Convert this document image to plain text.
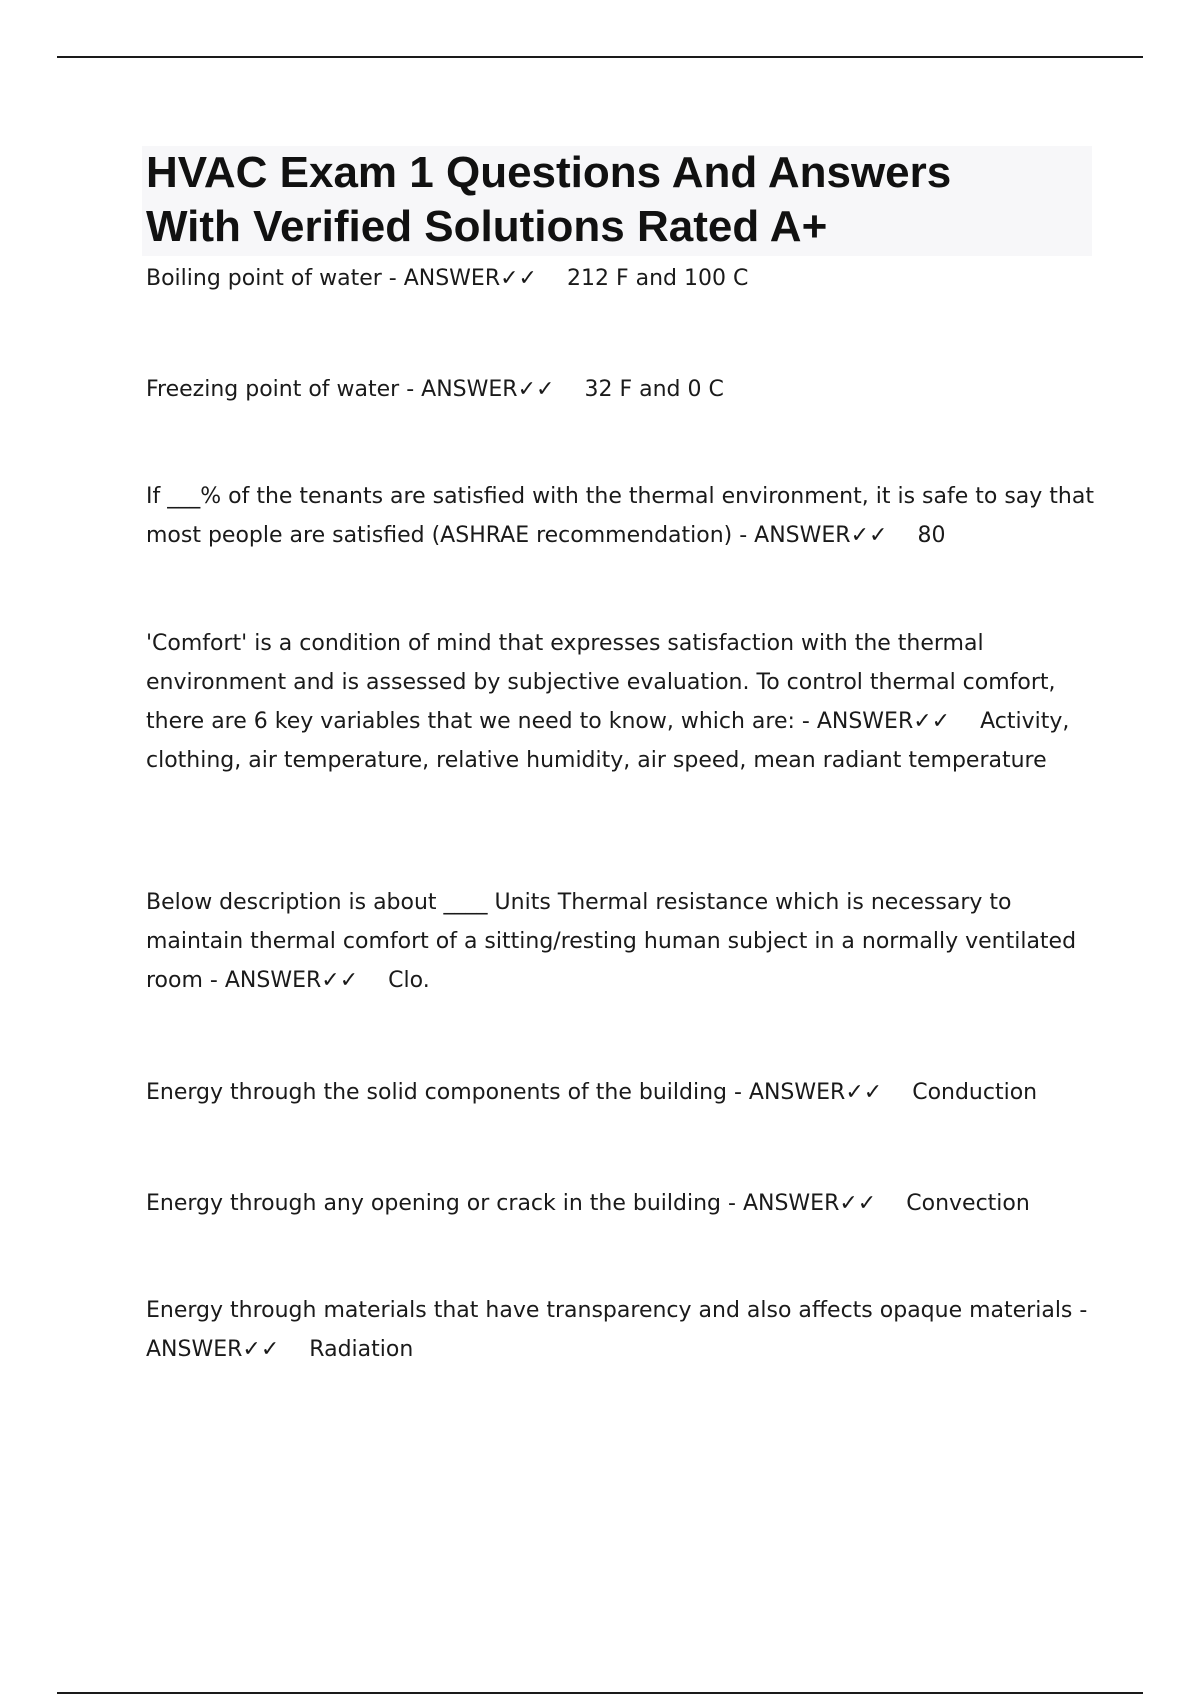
HVAC Exam 1 Questions And Answers
With Verified Solutions Rated A+
Boiling point of water - ANSWER✓✓ 212 F and 100 C
Freezing point of water - ANSWER✓✓ 32 F and 0 C
If ___% of the tenants are satisfied with the thermal environment, it is safe to say that most people are satisfied (ASHRAE recommendation) - ANSWER✓✓ 80
'Comfort' is a condition of mind that expresses satisfaction with the thermal environment and is assessed by subjective evaluation. To control thermal comfort, there are 6 key variables that we need to know, which are: - ANSWER✓✓ Activity, clothing, air temperature, relative humidity, air speed, mean radiant temperature
Below description is about ____ Units Thermal resistance which is necessary to maintain thermal comfort of a sitting/resting human subject in a normally ventilated room - ANSWER✓✓ Clo.
Energy through the solid components of the building - ANSWER✓✓ Conduction
Energy through any opening or crack in the building - ANSWER✓✓ Convection
Energy through materials that have transparency and also affects opaque materials - ANSWER✓✓ Radiation
